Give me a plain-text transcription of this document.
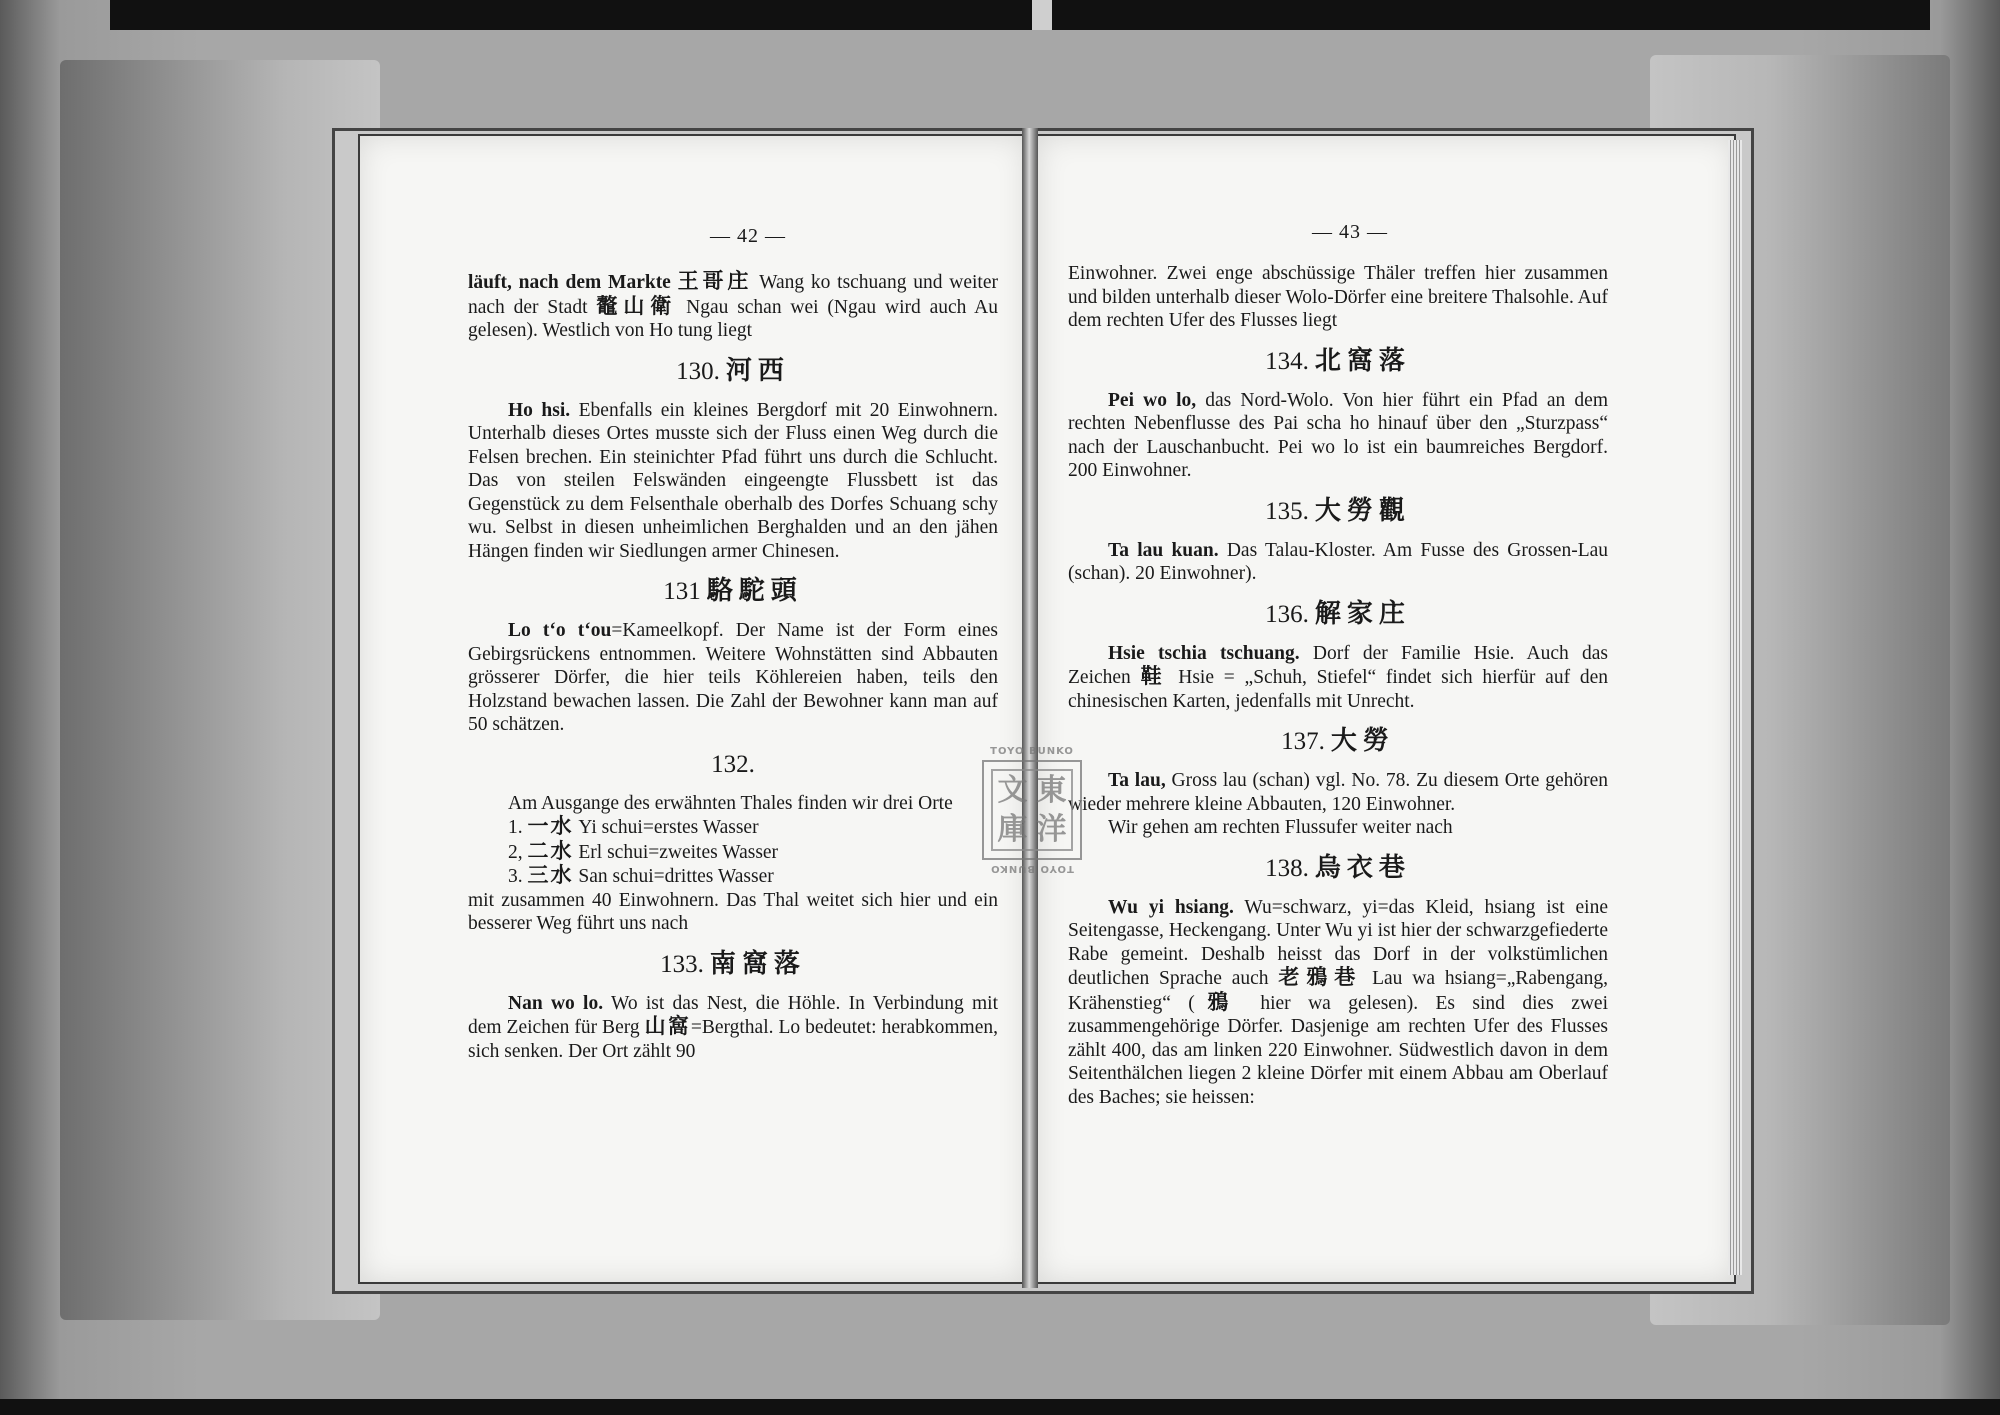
— 42 —	— 43 —

läuft, nach dem Markte 王哥庄 Wang ko tschuang und weiter nach der Stadt 鼇山衛 Ngau schan wei (Ngau wird auch Au gelesen). Westlich von Ho tung liegt

130. 河西

Ho hsi. Ebenfalls ein kleines Bergdorf mit 20 Einwohnern. Unterhalb dieses Ortes musste sich der Fluss einen Weg durch die Felsen brechen. Ein steinichter Pfad führt uns durch die Schlucht. Das von steilen Felswänden eingeengte Flussbett ist das Gegenstück zu dem Felsenthale oberhalb des Dorfes Schuang schy wu. Selbst in diesen unheimlichen Berghalden und an den jähen Hängen finden wir Siedlungen armer Chinesen.

131 駱駝頭

Lo t‘o t‘ou=Kameelkopf. Der Name ist der Form eines Gebirgsrückens entnommen. Weitere Wohnstätten sind Abbauten grösserer Dörfer, die hier teils Köhlereien haben, teils den Holzstand bewachen lassen. Die Zahl der Bewohner kann man auf 50 schätzen.

132.

Am Ausgange des erwähnten Thales finden wir drei Orte

1. 一水 Yi schui=erstes Wasser
2, 二水 Erl schui=zweites Wasser
3. 三水 San schui=drittes Wasser

mit zusammen 40 Einwohnern. Das Thal weitet sich hier und ein besserer Weg führt uns nach

133. 南窩落

Nan wo lo. Wo ist das Nest, die Höhle. In Verbindung mit dem Zeichen für Berg 山窩=Bergthal. Lo bedeutet: herabkommen, sich senken. Der Ort zählt 90

Einwohner. Zwei enge abschüssige Thäler treffen hier zusammen und bilden unterhalb dieser Wolo-Dörfer eine breitere Thalsohle. Auf dem rechten Ufer des Flusses liegt

134. 北窩落

Pei wo lo, das Nord-Wolo. Von hier führt ein Pfad an dem rechten Nebenflusse des Pai scha ho hinauf über den „Sturzpass“ nach der Lauschanbucht. Pei wo lo ist ein baumreiches Bergdorf. 200 Einwohner.

135. 大勞觀

Ta lau kuan. Das Talau-Kloster. Am Fusse des Grossen-Lau (schan). 20 Einwohner).

136. 解家庄

Hsie tschia tschuang. Dorf der Familie Hsie. Auch das Zeichen 鞋 Hsie = „Schuh, Stiefel“ findet sich hierfür auf den chinesischen Karten, jedenfalls mit Unrecht.

137. 大勞

Ta lau, Gross lau (schan) vgl. No. 78. Zu diesem Orte gehören wieder mehrere kleine Abbauten, 120 Einwohner.

Wir gehen am rechten Flussufer weiter nach

138. 烏衣巷

Wu yi hsiang. Wu=schwarz, yi=das Kleid, hsiang ist eine Seitengasse, Heckengang. Unter Wu yi ist hier der schwarzgefiederte Rabe gemeint. Deshalb heisst das Dorf in der volkstümlichen deutlichen Sprache auch 老鴉巷 Lau wa hsiang=„Rabengang, Krähenstieg“ (鴉 hier wa gelesen). Es sind dies zwei zusammengehörige Dörfer. Dasjenige am rechten Ufer des Flusses zählt 400, das am linken 220 Einwohner. Südwestlich davon in dem Seitenthälchen liegen 2 kleine Dörfer mit einem Abbau am Oberlauf des Baches; sie heissen:

TOYO BUNKO
文 東
庫 洋
TOYO BUNKO
